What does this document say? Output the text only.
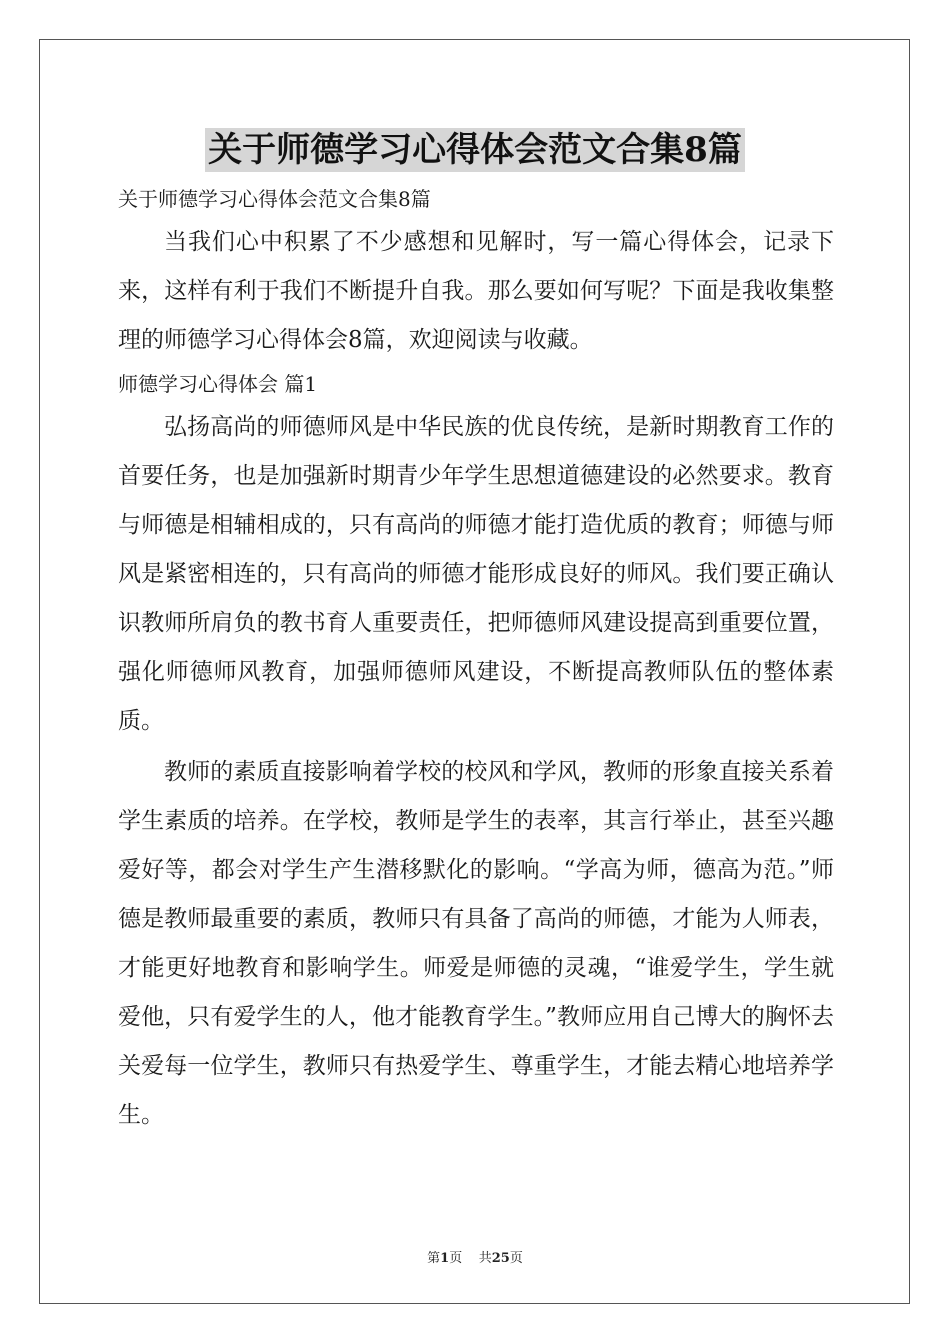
关于师德学习心得体会范文合集8篇

关于师德学习心得体会范文合集8篇

当我们心中积累了不少感想和见解时，写一篇心得体会，记录下来，这样有利于我们不断提升自我。那么要如何写呢？下面是我收集整理的师德学习心得体会8篇，欢迎阅读与收藏。

师德学习心得体会 篇1

弘扬高尚的师德师风是中华民族的优良传统，是新时期教育工作的首要任务，也是加强新时期青少年学生思想道德建设的必然要求。教育与师德是相辅相成的，只有高尚的师德才能打造优质的教育；师德与师风是紧密相连的，只有高尚的师德才能形成良好的师风。我们要正确认识教师所肩负的教书育人重要责任，把师德师风建设提高到重要位置，强化师德师风教育，加强师德师风建设，不断提高教师队伍的整体素质。

教师的素质直接影响着学校的校风和学风，教师的形象直接关系着学生素质的培养。在学校，教师是学生的表率，其言行举止，甚至兴趣爱好等，都会对学生产生潜移默化的影响。“学高为师，德高为范。”师德是教师最重要的素质，教师只有具备了高尚的师德，才能为人师表，才能更好地教育和影响学生。师爱是师德的灵魂，“谁爱学生，学生就爱他，只有爱学生的人，他才能教育学生。”教师应用自己博大的胸怀去关爱每一位学生，教师只有热爱学生、尊重学生，才能去精心地培养学生。

第1页    共25页
